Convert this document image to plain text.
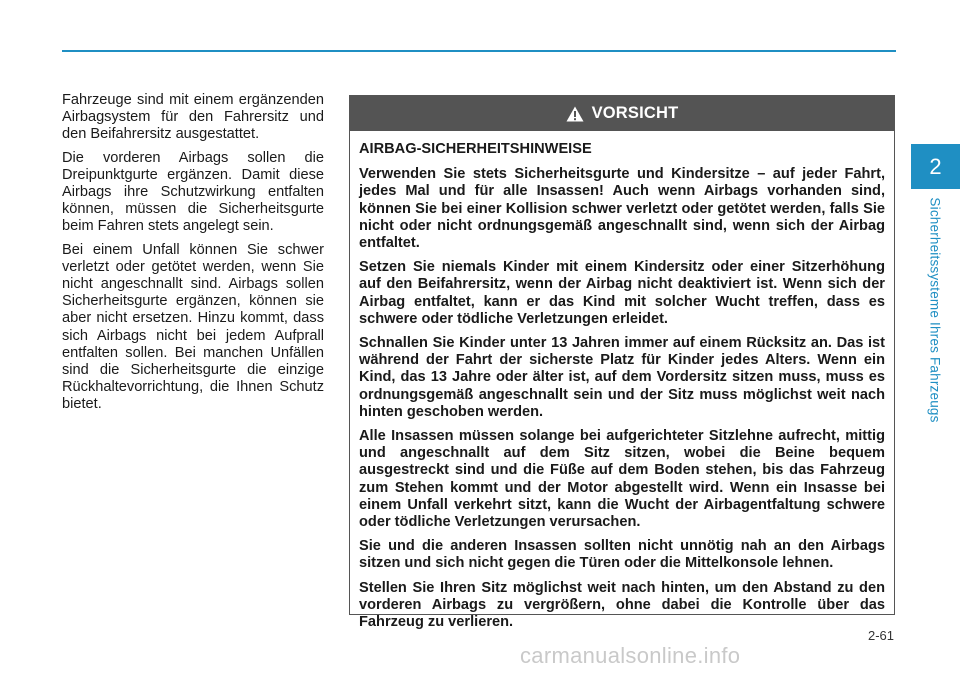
Fahrzeuge sind mit einem ergänzenden Airbagsystem für den Fahrersitz und den Beifahrersitz ausgestattet.

Die vorderen Airbags sollen die Dreipunktgurte ergänzen. Damit diese Airbags ihre Schutzwirkung entfalten können, müssen die Sicherheitsgurte beim Fahren stets angelegt sein.

Bei einem Unfall können Sie schwer verletzt oder getötet werden, wenn Sie nicht angeschnallt sind. Airbags sollen Sicherheitsgurte ergänzen, können sie aber nicht ersetzen. Hinzu kommt, dass sich Airbags nicht bei jedem Aufprall entfalten sollen. Bei manchen Unfällen sind die Sicherheitsgurte die einzige Rückhaltevorrichtung, die Ihnen Schutz bietet.

VORSICHT

AIRBAG-SICHERHEITSHINWEISE

Verwenden Sie stets Sicherheitsgurte und Kindersitze – auf jeder Fahrt, jedes Mal und für alle Insassen! Auch wenn Airbags vorhanden sind, können Sie bei einer Kollision schwer verletzt oder getötet werden, falls Sie nicht oder nicht ordnungsgemäß angeschnallt sind, wenn sich der Airbag entfaltet.

Setzen Sie niemals Kinder mit einem Kindersitz oder einer Sitzerhöhung auf den Beifahrersitz, wenn der Airbag nicht deaktiviert ist. Wenn sich der Airbag entfaltet, kann er das Kind mit solcher Wucht treffen, dass es schwere oder tödliche Verletzungen erleidet.

Schnallen Sie Kinder unter 13 Jahren immer auf einem Rücksitz an. Das ist während der Fahrt der sicherste Platz für Kinder jedes Alters. Wenn ein Kind, das 13 Jahre oder älter ist, auf dem Vordersitz sitzen muss, muss es ordnungsgemäß angeschnallt sein und der Sitz muss möglichst weit nach hinten geschoben werden.

Alle Insassen müssen solange bei aufgerichteter Sitzlehne aufrecht, mittig und angeschnallt auf dem Sitz sitzen, wobei die Beine bequem ausgestreckt sind und die Füße auf dem Boden stehen, bis das Fahrzeug zum Stehen kommt und der Motor abgestellt wird. Wenn ein Insasse bei einem Unfall verkehrt sitzt, kann die Wucht der Airbagentfaltung schwere oder tödliche Verletzungen verursachen.

Sie und die anderen Insassen sollten nicht unnötig nah an den Airbags sitzen und sich nicht gegen die Türen oder die Mittelkonsole lehnen.

Stellen Sie Ihren Sitz möglichst weit nach hinten, um den Abstand zu den vorderen Airbags zu vergrößern, ohne dabei die Kontrolle über das Fahrzeug zu verlieren.

2
Sicherheitssysteme Ihres Fahrzeugs
2-61
carmanualsonline.info
